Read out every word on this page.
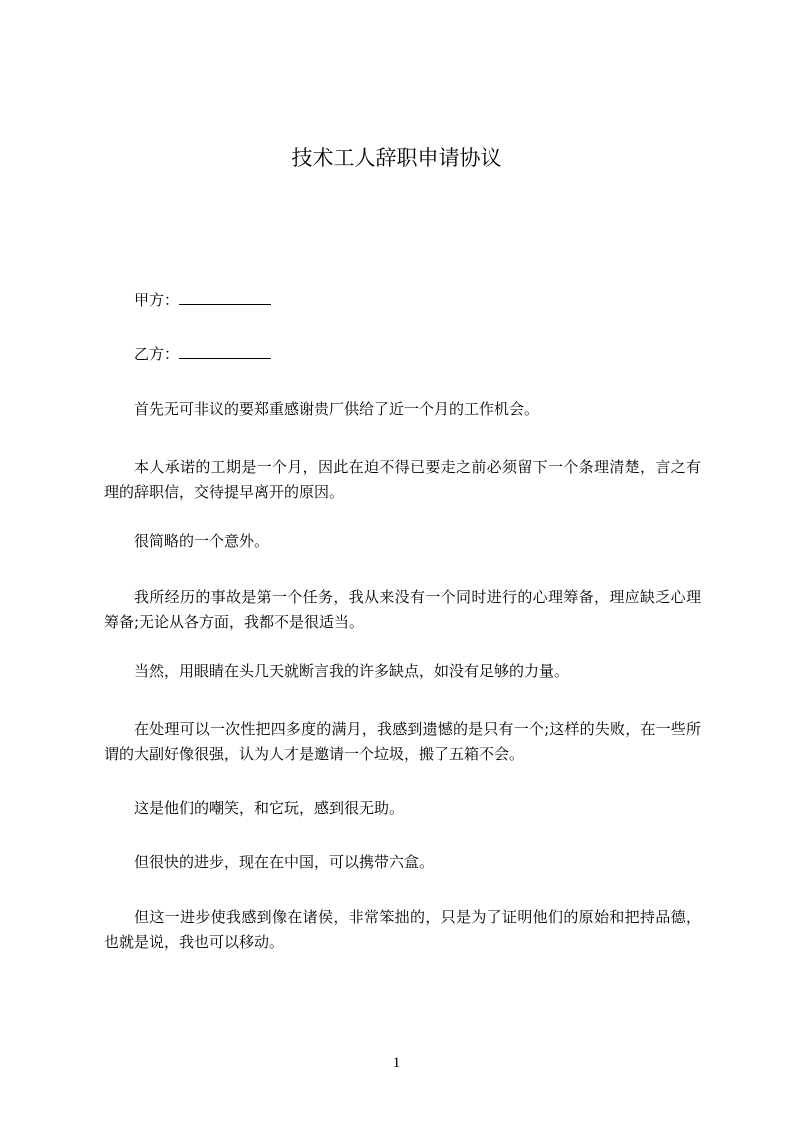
技术工人辞职申请协议

甲方：

乙方：

首先无可非议的要郑重感谢贵厂供给了近一个月的工作机会。

本人承诺的工期是一个月，因此在迫不得已要走之前必须留下一个条理清楚，言之有理的辞职信，交待提早离开的原因。

很简略的一个意外。

我所经历的事故是第一个任务，我从来没有一个同时进行的心理筹备，理应缺乏心理筹备;无论从各方面，我都不是很适当。

当然，用眼睛在头几天就断言我的许多缺点，如没有足够的力量。

在处理可以一次性把四多度的满月，我感到遗憾的是只有一个;这样的失败，在一些所谓的大副好像很强，认为人才是邀请一个垃圾，搬了五箱不会。

这是他们的嘲笑，和它玩，感到很无助。

但很快的进步，现在在中国，可以携带六盒。

但这一进步使我感到像在诸侯，非常笨拙的，只是为了证明他们的原始和把持品德，也就是说，我也可以移动。

1
